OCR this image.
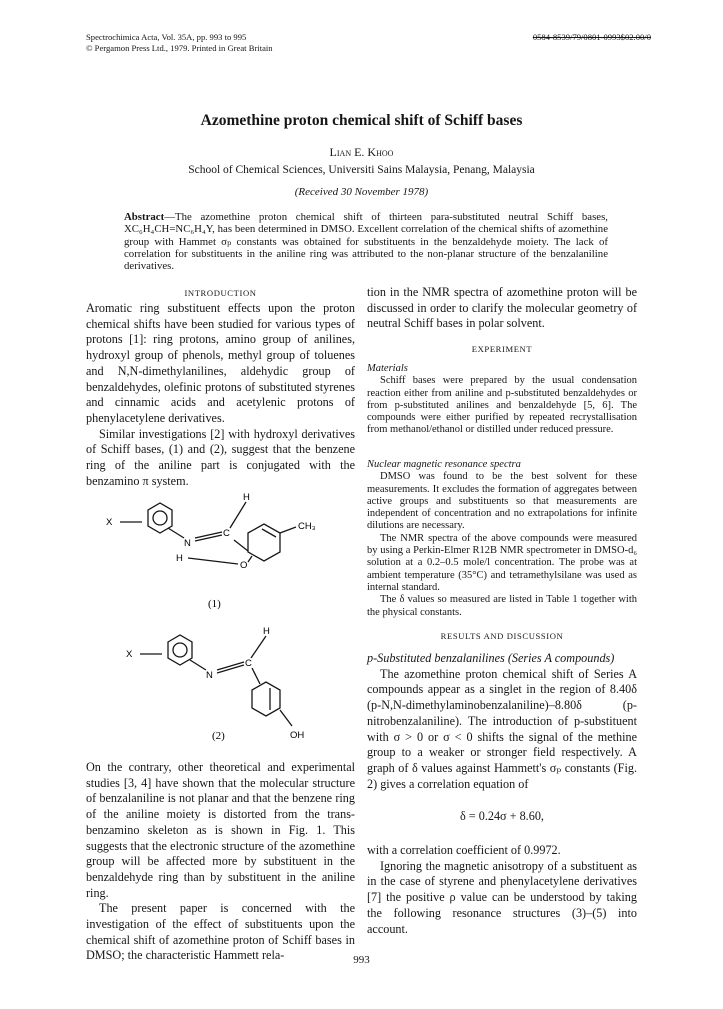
Spectrochimica Acta, Vol. 35A, pp. 993 to 995
© Pergamon Press Ltd., 1979. Printed in Great Britain
0584-8539/79/0801-0993$02.00/0
Azomethine proton chemical shift of Schiff bases
Lian E. Khoo
School of Chemical Sciences, Universiti Sains Malaysia, Penang, Malaysia
(Received 30 November 1978)
Abstract—The azomethine proton chemical shift of thirteen para-substituted neutral Schiff bases, XC₆H₄CH=NC₆H₄Y, has been determined in DMSO. Excellent correlation of the chemical shifts of azomethine group with Hammet σₚ constants was obtained for substituents in the benzaldehyde moiety. The lack of correlation for substituents in the aniline ring was attributed to the non-planar structure of the benzalaniline derivatives.
INTRODUCTION

Aromatic ring substituent effects upon the proton chemical shifts have been studied for various types of protons [1]: ring protons, amino group of anilines, hydroxyl group of phenols, methyl group of toluenes and N,N-dimethylanilines, aldehydic group of benzaldehydes, olefinic protons of substituted styrenes and cinnamic acids and acetylenic protons of phenylacetylene derivatives.

Similar investigations [2] with hydroxyl derivatives of Schiff bases, (1) and (2), suggest that the benzene ring of the aniline part is conjugated with the benzamino π system.

X
N
C
H
CH₃
H
O
(1)
X
N
C
H
OH
(2)

On the contrary, other theoretical and experimental studies [3, 4] have shown that the molecular structure of benzalaniline is not planar and that the benzene ring of the aniline moiety is distorted from the trans-benzamino skeleton as is shown in Fig. 1. This suggests that the electronic structure of the azomethine group will be affected more by substituent in the benzaldehyde ring than by substituent in the aniline ring.

The present paper is concerned with the investigation of the effect of substituents upon the chemical shift of azomethine proton of Schiff bases in DMSO; the characteristic Hammett rela-

tion in the NMR spectra of azomethine proton will be discussed in order to clarify the molecular geometry of neutral Schiff bases in polar solvent.
EXPERIMENT

Materials

Schiff bases were prepared by the usual condensation reaction either from aniline and p-substituted benzaldehydes or from p-substituted anilines and benzaldehyde [5, 6]. The compounds were either purified by repeated recrystallisation from methanol/ethanol or distilled under reduced pressure.

Nuclear magnetic resonance spectra

DMSO was found to be the best solvent for these measurements. It excludes the formation of aggregates between active groups and substituents so that measurements are independent of concentration and no extrapolations for infinite dilutions are necessary.

The NMR spectra of the above compounds were measured by using a Perkin-Elmer R12B NMR spectrometer in DMSO-d₆ solution at a 0.2–0.5 mole/l concentration. The probe was at ambient temperature (35°C) and tetramethylsilane was used as internal standard.

The δ values so measured are listed in Table 1 together with the physical constants.

RESULTS AND DISCUSSION

p-Substituted benzalanilines (Series A compounds)

The azomethine proton chemical shift of Series A compounds appear as a singlet in the region of 8.40δ (p-N,N-dimethylaminobenzalaniline)–8.80δ (p-nitrobenzalaniline). The introduction of p-substituent with σ > 0 or σ < 0 shifts the signal of the methine group to a weaker or stronger field respectively. A graph of δ values against Hammett's σₚ constants (Fig. 2) gives a correlation equation of

δ = 0.24σ + 8.60,

with a correlation coefficient of 0.9972.

Ignoring the magnetic anisotropy of a substituent as in the case of styrene and phenylacetylene derivatives [7] the positive ρ value can be understood by taking the following resonance structures (3)–(5) into account.

993
